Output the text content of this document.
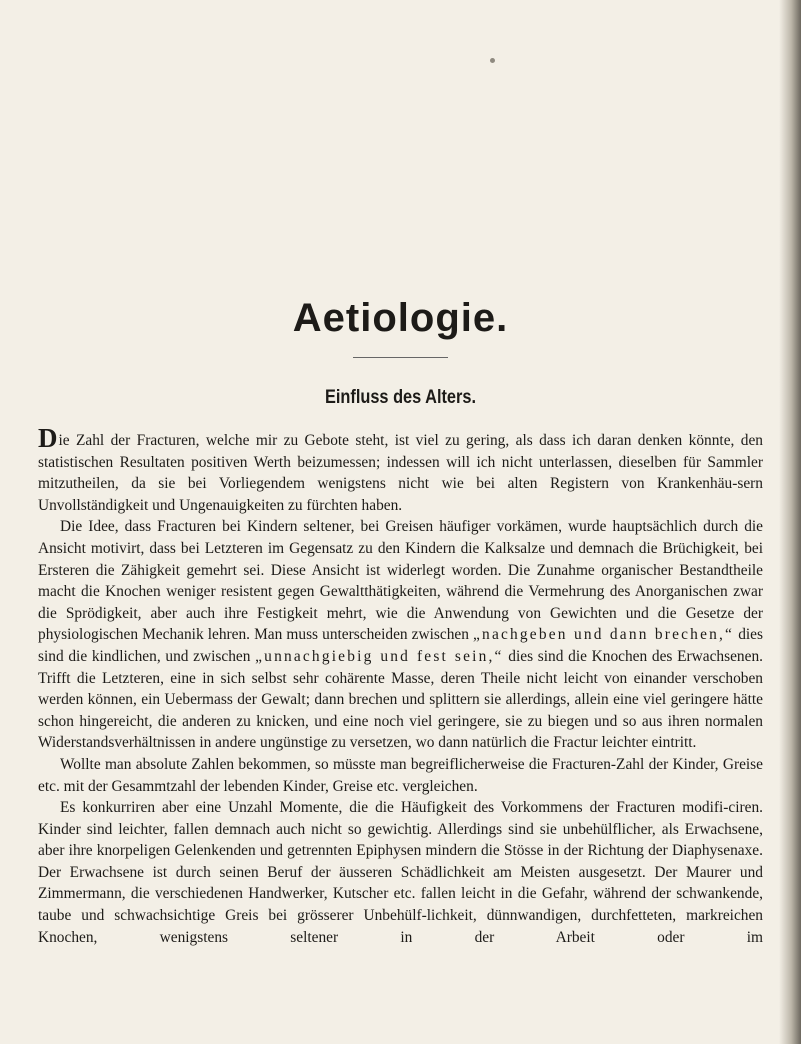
Aetiologie.
Einfluss des Alters.

Die Zahl der Fracturen, welche mir zu Gebote steht, ist viel zu gering, als dass ich daran denken könnte, den statistischen Resultaten positiven Werth beizumessen; indessen will ich nicht unterlassen, dieselben für Sammler mitzutheilen, da sie bei Vorliegendem wenigstens nicht wie bei alten Registern von Krankenhäu-sern Unvollständigkeit und Ungenauigkeiten zu fürchten haben.

Die Idee, dass Fracturen bei Kindern seltener, bei Greisen häufiger vorkämen, wurde hauptsächlich durch die Ansicht motivirt, dass bei Letzteren im Gegensatz zu den Kindern die Kalksalze und demnach die Brüchigkeit, bei Ersteren die Zähigkeit gemehrt sei. Diese Ansicht ist widerlegt worden. Die Zunahme organischer Bestandtheile macht die Knochen weniger resistent gegen Gewaltthätigkeiten, während die Vermehrung des Anorganischen zwar die Sprödigkeit, aber auch ihre Festigkeit mehrt, wie die Anwendung von Gewichten und die Gesetze der physiologischen Mechanik lehren. Man muss unterscheiden zwischen „nachgeben und dann brechen,“ dies sind die kindlichen, und zwischen „unnachgiebig und fest sein,“ dies sind die Knochen des Erwachsenen. Trifft die Letzteren, eine in sich selbst sehr cohärente Masse, deren Theile nicht leicht von einander verschoben werden können, ein Uebermass der Gewalt; dann brechen und splittern sie allerdings, allein eine viel geringere hätte schon hingereicht, die anderen zu knicken, und eine noch viel geringere, sie zu biegen und so aus ihren normalen Widerstandsverhältnissen in andere ungünstige zu versetzen, wo dann natürlich die Fractur leichter eintritt.

Wollte man absolute Zahlen bekommen, so müsste man begreiflicherweise die Fracturen-Zahl der Kinder, Greise etc. mit der Gesammtzahl der lebenden Kinder, Greise etc. vergleichen.

Es konkurriren aber eine Unzahl Momente, die die Häufigkeit des Vorkommens der Fracturen modifi-ciren. Kinder sind leichter, fallen demnach auch nicht so gewichtig. Allerdings sind sie unbehülflicher, als Erwachsene, aber ihre knorpeligen Gelenkenden und getrennten Epiphysen mindern die Stösse in der Richtung der Diaphysenaxe. Der Erwachsene ist durch seinen Beruf der äusseren Schädlichkeit am Meisten ausgesetzt. Der Maurer und Zimmermann, die verschiedenen Handwerker, Kutscher etc. fallen leicht in die Gefahr, während der schwankende, taube und schwachsichtige Greis bei grösserer Unbehülf-lichkeit, dünnwandigen, durchfetteten, markreichen Knochen, wenigstens seltener in der Arbeit oder im
